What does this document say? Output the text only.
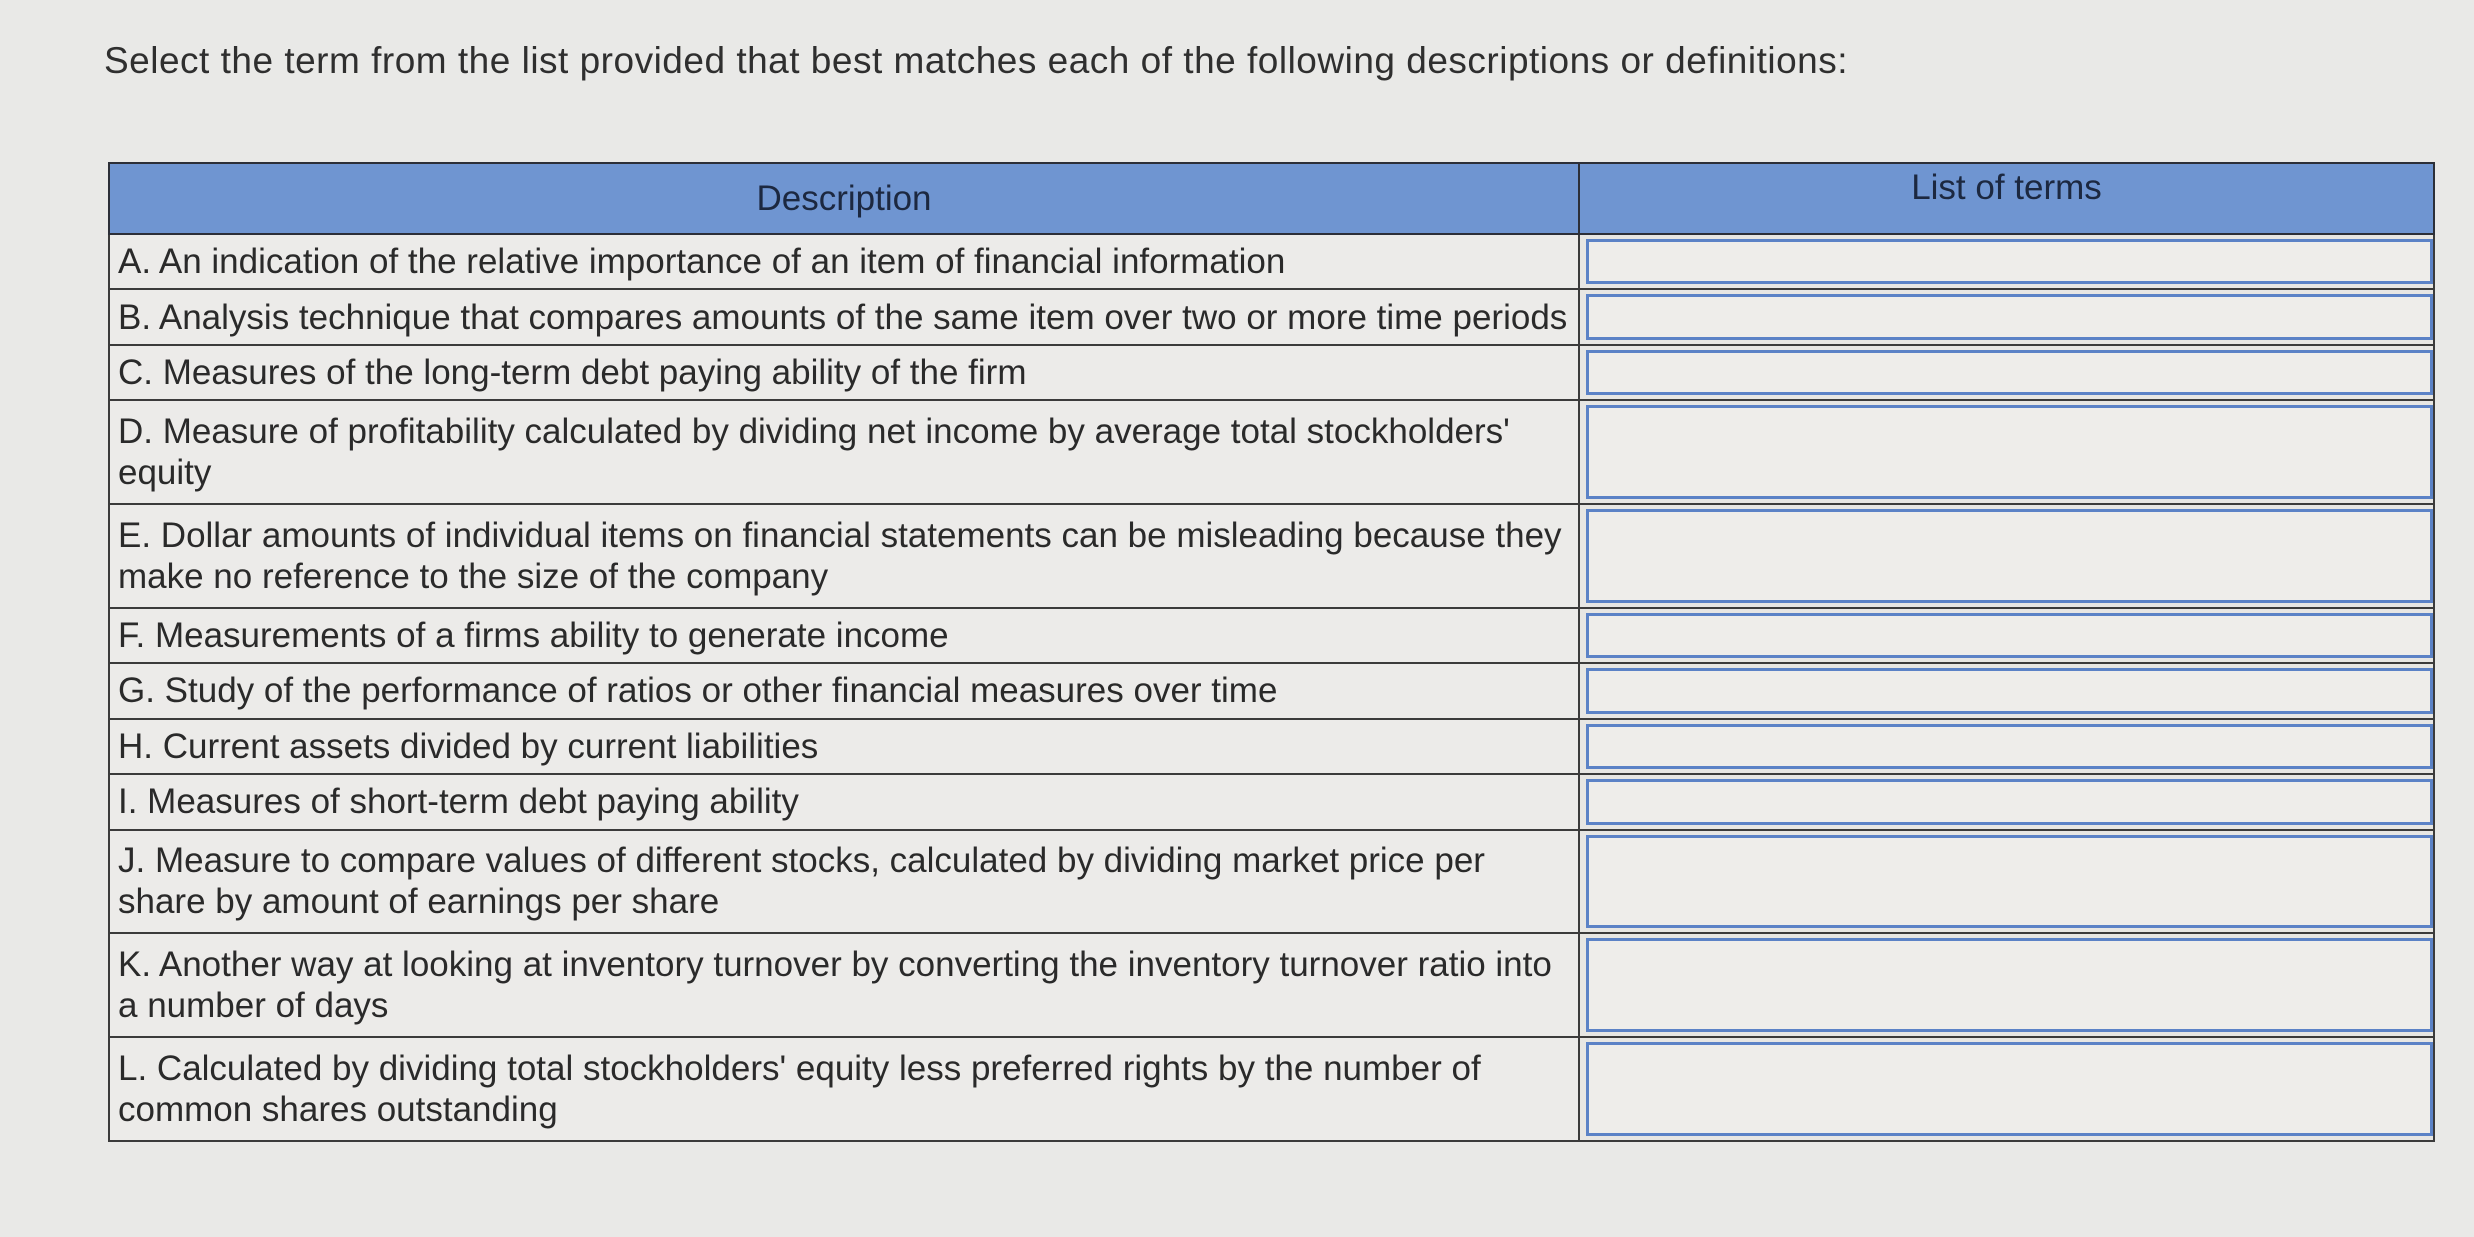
Select the term from the list provided that best matches each of the following descriptions or definitions:
Description	List of terms
A. An indication of the relative importance of an item of financial information	

B. Analysis technique that compares amounts of the same item over two or more time periods	

C. Measures of the long-term debt paying ability of the firm	

D. Measure of profitability calculated by dividing net income by average total stockholders' equity	

E. Dollar amounts of individual items on financial statements can be misleading because they make no reference to the size of the company	

F. Measurements of a firms ability to generate income	

G. Study of the performance of ratios or other financial measures over time	

H. Current assets divided by current liabilities	

I. Measures of short-term debt paying ability	

J. Measure to compare values of different stocks, calculated by dividing market price per share by amount of earnings per share	

K. Another way at looking at inventory turnover by converting the inventory turnover ratio into a number of days	

L. Calculated by dividing total stockholders' equity less preferred rights by the number of common shares outstanding	
